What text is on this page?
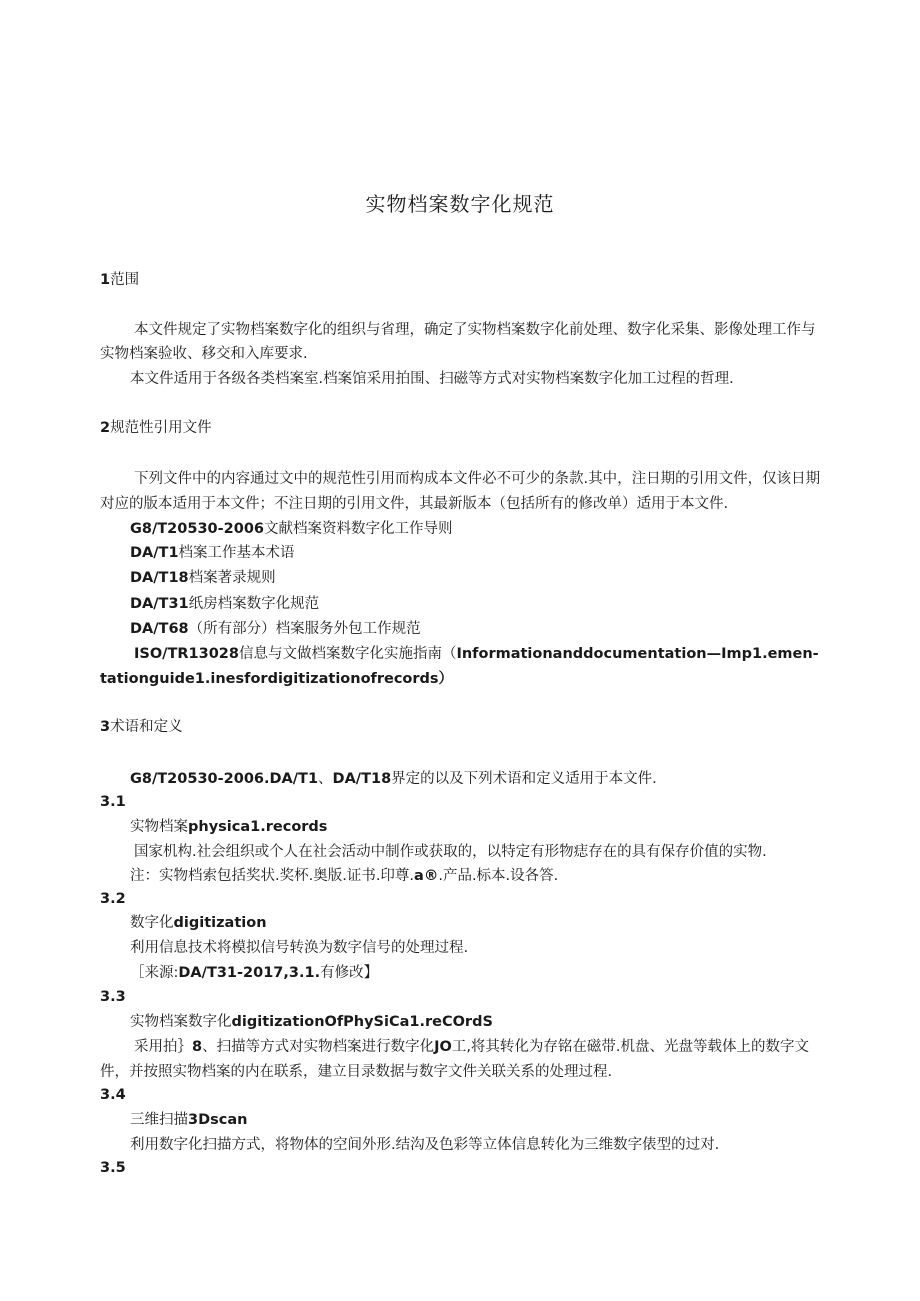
实物档案数字化规范
1范围
本文件规定了实物档案数字化的组织与省理，确定了实物档案数字化前处理、数字化采集、影像处理工作与
实物档案验收、移交和入库要求.
本文件适用于各级各类档案室.档案馆采用拍围、扫磁等方式对实物档案数字化加工过程的哲理.
2规范性引用文件
下列文件中的内容通过文中的规范性引用而构成本文件必不可少的条款.其中，注日期的引用文件，仅该日期
对应的版本适用于本文件；不注日期的引用文件，其最新版本（包括所有的修改单）适用于本文件.
G8/T20530-2006文献档案资料数字化工作导则
DA/T1档案工作基本术语
DA/T18档案著录规则
DA/T31纸房档案数字化规范
DA/T68（所有部分）档案服务外包工作规范
ISO/TR13028信息与文做档案数字化实施指南（Informationanddocumentation—Imp1.emen-
tationguide1.inesfordigitizationofrecords）
3术语和定义
G8/T20530-2006.DA/T1、DA/T18界定的以及下列术语和定义适用于本文件.
3.1
实物档案physica1.records
国家机构.社会组织或个人在社会活动中制作或获取的，以特定有形物痣存在的具有保存价值的实物.
注：实物档索包括奖状.奖杯.奥版.证书.印尊.a®.产品.标本.设各答.
3.2
数字化digitization
利用信息技术将模拟信号转涣为数字信号的处理过程.
［来源:DA/T31-2017,3.1.有修改】
3.3
实物档案数字化digitizationOfPhySiCa1.reCOrdS
采用拍｝8、扫描等方式对实物档案进行数字化JO工,将其转化为存铭在磁带.机盘、光盘等载体上的数字文
件，并按照实物档案的内在联系，建立目录数据与数字文件关联关系的处理过程.
3.4
三维扫描3Dscan
利用数字化扫描方式，将物体的空间外形.结沟及色彩等立体信息转化为三维数字俵型的过对.
3.5
